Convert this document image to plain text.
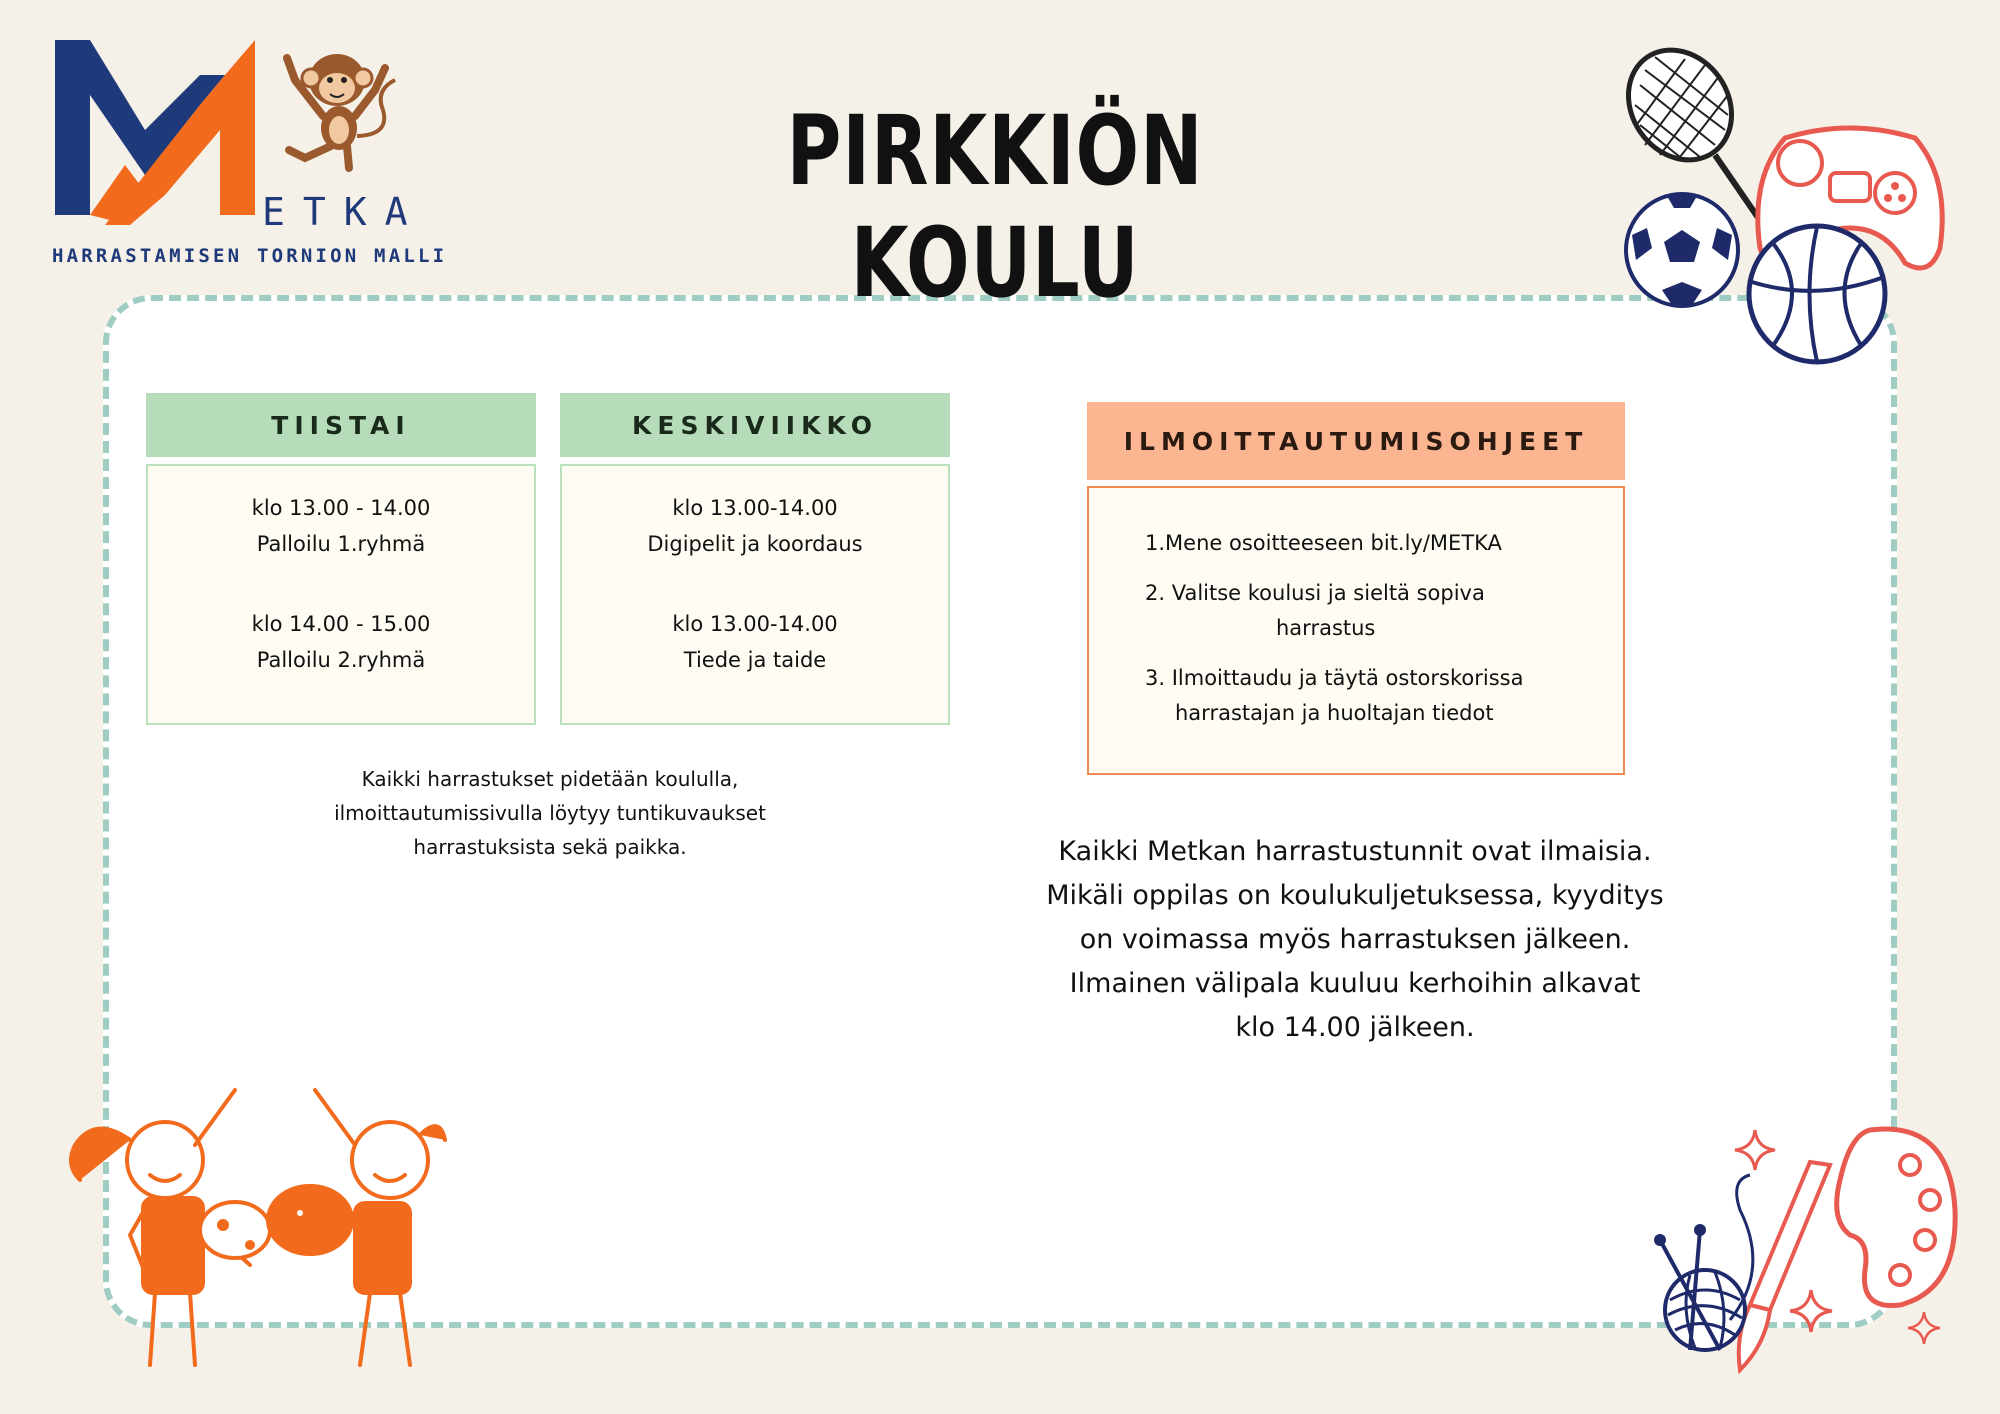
ETKA
HARRASTAMISEN TORNION MALLI
PIRKKIÖN KOULU
TIISTAI
klo 13.00 - 14.00
Palloilu 1.ryhmä
klo 14.00 - 15.00
Palloilu 2.ryhmä
KESKIVIIKKO
klo 13.00-14.00
Digipelit ja koordaus
klo 13.00-14.00
Tiede ja taide
Kaikki harrastukset pidetään koululla,
ilmoittautumissivulla löytyy tuntikuvaukset
harrastuksista sekä paikka.
ILMOITTAUTUMISOHJEET
1.Mene osoitteeseen bit.ly/METKA
2. Valitse koulusi ja sieltä sopiva
harrastus
3. Ilmoittaudu ja täytä ostorskorissa
harrastajan ja huoltajan tiedot
Kaikki Metkan harrastustunnit ovat ilmaisia.
Mikäli oppilas on koulukuljetuksessa, kyyditys
on voimassa myös harrastuksen jälkeen.
Ilmainen välipala kuuluu kerhoihin alkavat
klo 14.00 jälkeen.
